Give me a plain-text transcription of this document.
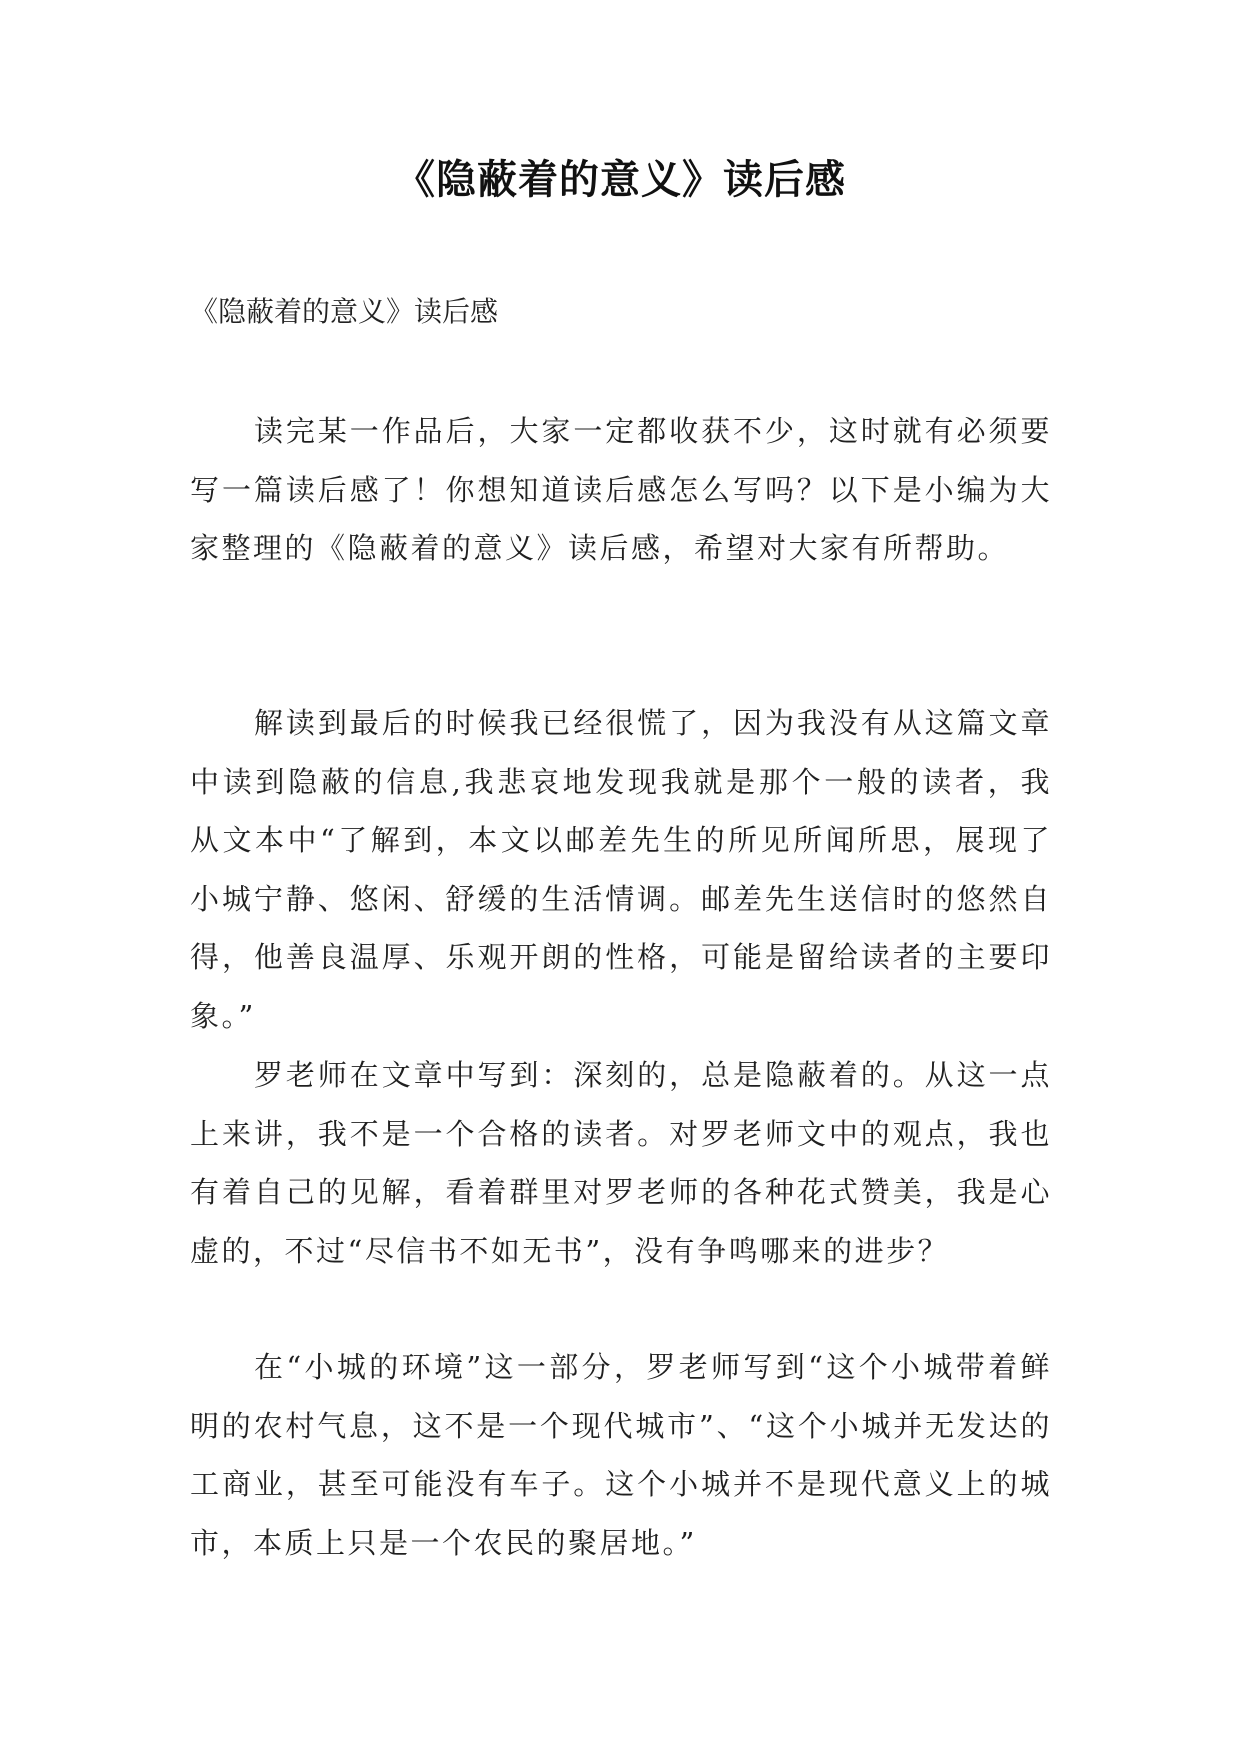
《隐蔽着的意义》读后感

《隐蔽着的意义》读后感

读完某一作品后，大家一定都收获不少，这时就有必须要写一篇读后感了！你想知道读后感怎么写吗？以下是小编为大家整理的《隐蔽着的意义》读后感，希望对大家有所帮助。

解读到最后的时候我已经很慌了，因为我没有从这篇文章中读到隐蔽的信息,我悲哀地发现我就是那个一般的读者，我从文本中“了解到，本文以邮差先生的所见所闻所思，展现了小城宁静、悠闲、舒缓的生活情调。邮差先生送信时的悠然自得，他善良温厚、乐观开朗的性格，可能是留给读者的主要印象。”

罗老师在文章中写到：深刻的，总是隐蔽着的。从这一点上来讲，我不是一个合格的读者。对罗老师文中的观点，我也有着自己的见解，看着群里对罗老师的各种花式赞美，我是心虚的，不过“尽信书不如无书”，没有争鸣哪来的进步？

在“小城的环境”这一部分，罗老师写到“这个小城带着鲜明的农村气息，这不是一个现代城市”、“这个小城并无发达的工商业，甚至可能没有车子。这个小城并不是现代意义上的城市，本质上只是一个农民的聚居地。”
